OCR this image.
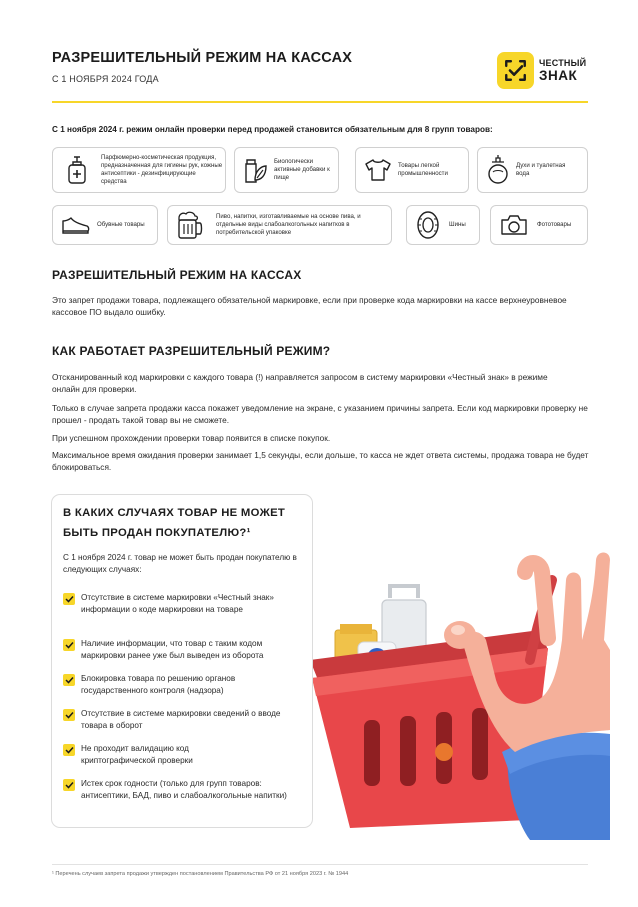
РАЗРЕШИТЕЛЬНЫЙ РЕЖИМ НА КАССАХ
С 1 НОЯБРЯ 2024 ГОДА
ЧЕСТНЫЙ
ЗНАК
С 1 ноября 2024 г. режим онлайн проверки перед продажей становится обязательным для 8 групп товаров:
Парфюмерно-косметическая продукция, предназначенная для гигиены рук, кожные антисептики - дезинфицирующие средства
Биологически активные добавки к пище
Товары легкой промышленности
Духи и туалетная вода
Обувные товары
Пиво, напитки, изготавливаемые на основе пива, и отдельные виды слабоалкогольных напитков в потребительской упаковке
Шины	Фототовары
РАЗРЕШИТЕЛЬНЫЙ РЕЖИМ НА КАССАХ
Это запрет продажи товара, подлежащего обязательной маркировке, если при проверке кода маркировки на кассе верхнеуровневое кассовое ПО выдало ошибку.
КАК РАБОТАЕТ РАЗРЕШИТЕЛЬНЫЙ РЕЖИМ?
Отсканированный код маркировки с каждого товара (!) направляется запросом в систему маркировки «Честный знак» в режиме онлайн для проверки.
Только в случае запрета продажи касса покажет уведомление на экране, с указанием причины запрета. Если код маркировки проверку не прошел - продать такой товар вы не сможете.
При успешном прохождении проверки товар появится в списке покупок.
Максимальное время ожидания проверки занимает 1,5 секунды, если дольше, то касса не ждет ответа системы, продажа товара не будет блокироваться.
В КАКИХ СЛУЧАЯХ ТОВАР НЕ МОЖЕТ БЫТЬ ПРОДАН ПОКУПАТЕЛЮ?¹
С 1 ноября 2024 г. товар не может быть продан покупателю в следующих случаях:
Отсутствие в системе маркировки «Честный знак» информации о коде маркировки на товаре
Наличие информации, что товар с таким кодом маркировки ранее уже был выведен из оборота
Блокировка товара по решению органов государственного контроля (надзора)
Отсутствие в системе маркировки сведений о вводе товара в оборот
Не проходит валидацию код криптографической проверки
Истек срок годности (только для групп товаров: антисептики, БАД, пиво и слабоалкогольные напитки)
¹ Перечень случаев запрета продажи утвержден постановлением Правительства РФ от 21 ноября 2023 г. № 1944
